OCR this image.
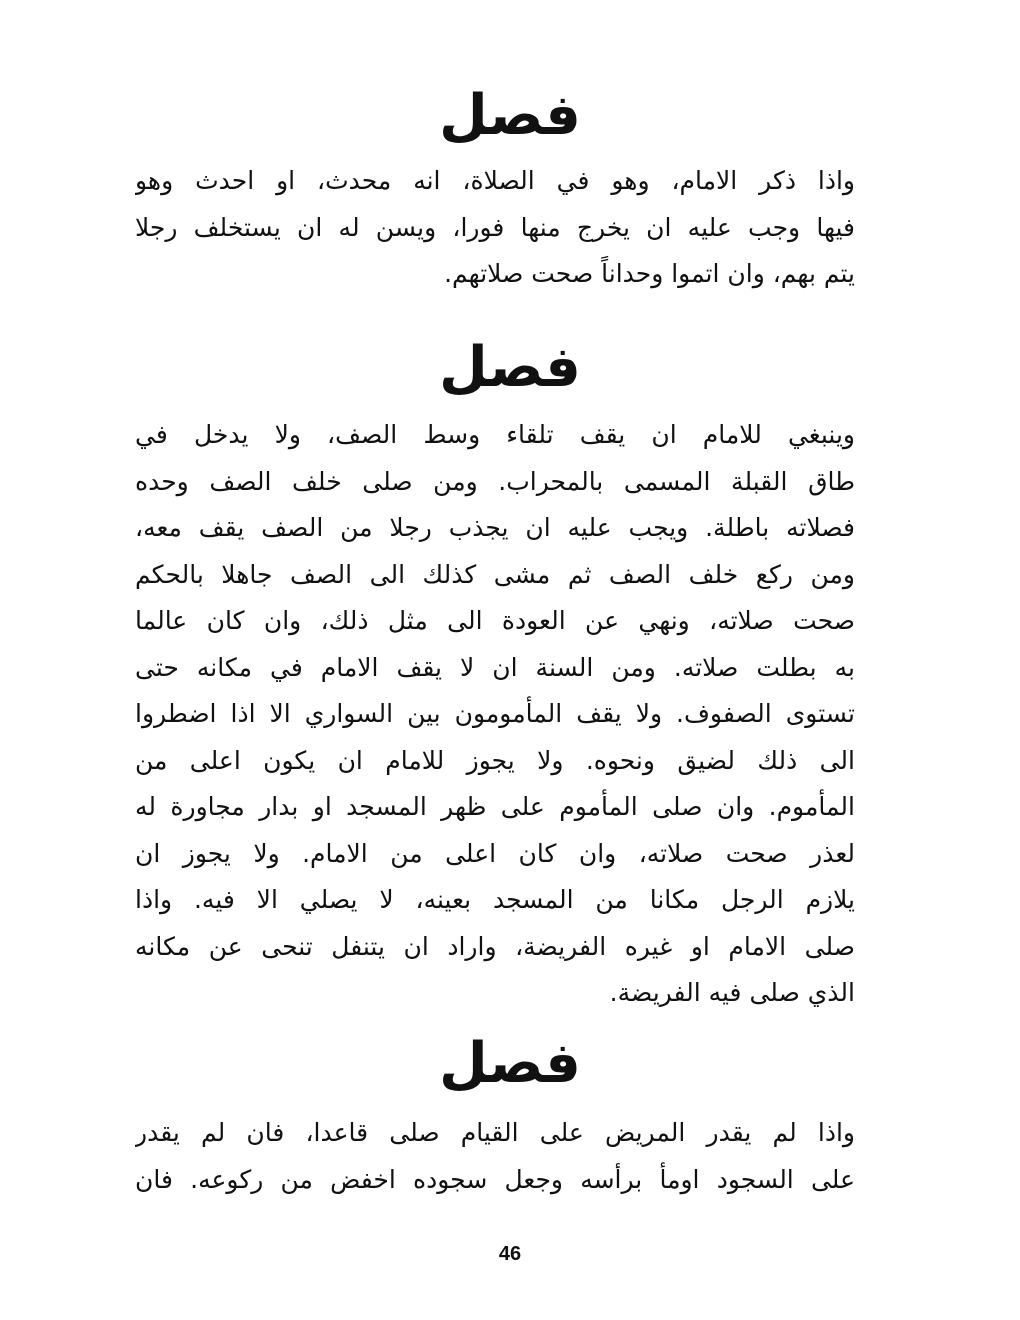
فصل
واذا ذكر الامام، وهو في الصلاة، انه محدث، او احدث وهو
فيها وجب عليه ان يخرج منها فورا، ويسن له ان يستخلف رجلا
يتم بهم، وان اتموا وحداناً صحت صلاتهم.
فصل
وينبغي للامام ان يقف تلقاء وسط الصف، ولا يدخل في
طاق القبلة المسمى بالمحراب. ومن صلى خلف الصف وحده
فصلاته باطلة. ويجب عليه ان يجذب رجلا من الصف يقف معه،
ومن ركع خلف الصف ثم مشى كذلك الى الصف جاهلا بالحكم
صحت صلاته، ونهي عن العودة الى مثل ذلك، وان كان عالما
به بطلت صلاته. ومن السنة ان لا يقف الامام في مكانه حتى
تستوى الصفوف. ولا يقف المأمومون بين السواري الا اذا اضطروا
الى ذلك لضيق ونحوه. ولا يجوز للامام ان يكون اعلى من
المأموم. وان صلى المأموم على ظهر المسجد او بدار مجاورة له
لعذر صحت صلاته، وان كان اعلى من الامام. ولا يجوز ان
يلازم الرجل مكانا من المسجد بعينه، لا يصلي الا فيه. واذا
صلى الامام او غيره الفريضة، واراد ان يتنفل تنحى عن مكانه
الذي صلى فيه الفريضة.
فصل
واذا لم يقدر المريض على القيام صلى قاعدا، فان لم يقدر
على السجود اومأ برأسه وجعل سجوده اخفض من ركوعه. فان
46
